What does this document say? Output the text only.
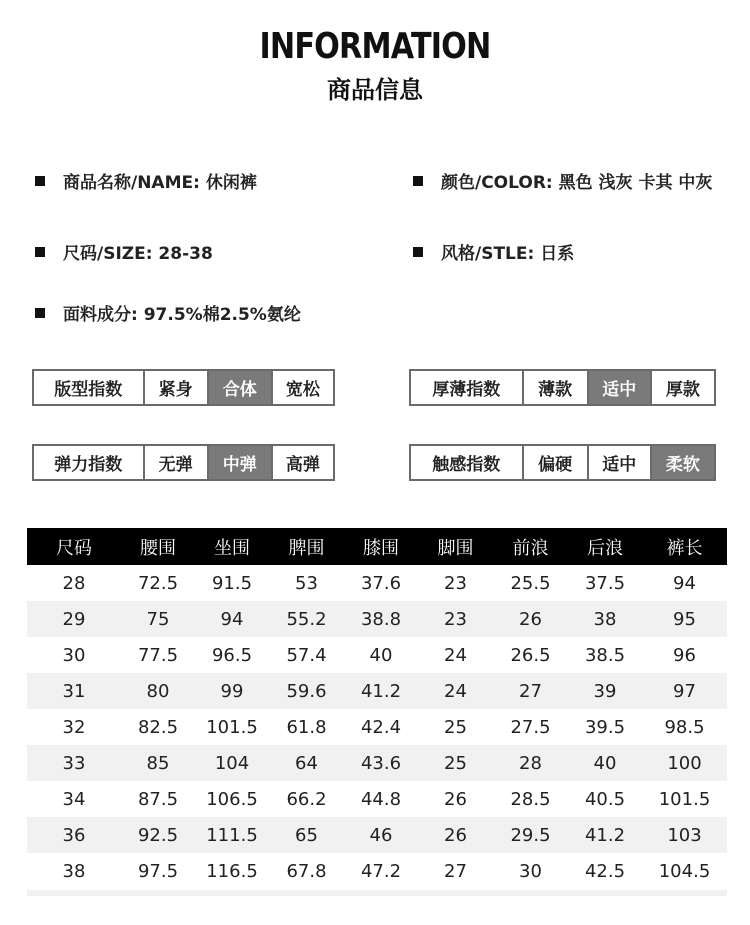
INFORMATION
商品信息
商品名称/NAME: 休闲裤	颜色/COLOR: 黑色 浅灰 卡其 中灰
尺码/SIZE: 28-38	风格/STLE: 日系
面料成分: 97.5%棉2.5%氨纶
版型指数	紧身	合体	宽松	厚薄指数	薄款	适中	厚款
弹力指数	无弹	中弹	高弹	触感指数	偏硬	适中	柔软
尺码	腰围	坐围	脾围	膝围	脚围	前浪	后浪	裤长
28	72.5	91.5	53	37.6	23	25.5	37.5	94
29	75	94	55.2	38.8	23	26	38	95
30	77.5	96.5	57.4	40	24	26.5	38.5	96
31	80	99	59.6	41.2	24	27	39	97
32	82.5	101.5	61.8	42.4	25	27.5	39.5	98.5
33	85	104	64	43.6	25	28	40	100
34	87.5	106.5	66.2	44.8	26	28.5	40.5	101.5
36	92.5	111.5	65	46	26	29.5	41.2	103
38	97.5	116.5	67.8	47.2	27	30	42.5	104.5
